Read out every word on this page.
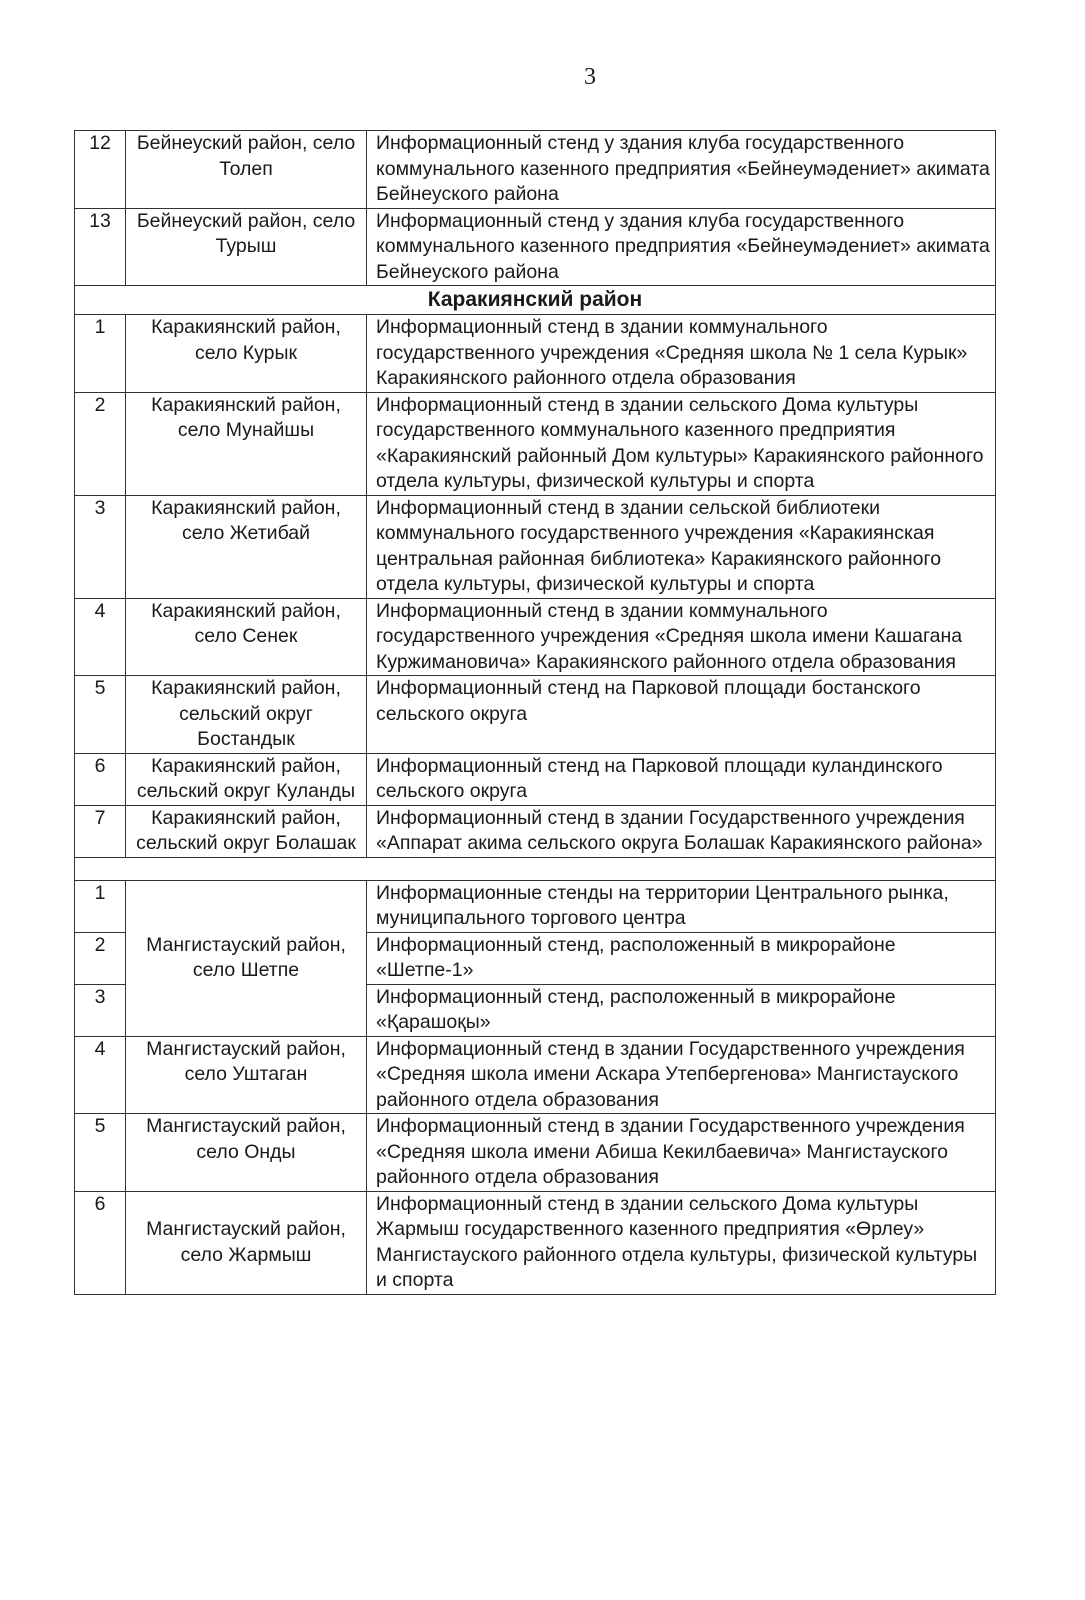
3
12	Бейнеуский район, село Толеп	Информационный стенд у здания клуба государственного коммунального казенного предприятия «Бейнеумәдениет» акимата Бейнеуского района
13	Бейнеуский район, село Турыш	Информационный стенд у здания клуба государственного коммунального казенного предприятия «Бейнеумәдениет» акимата Бейнеуского района
Каракиянский район		
1	Каракиянский район, село Курык	Информационный стенд в здании коммунального государственного учреждения «Средняя школа № 1 села Курык» Каракиянского районного отдела образования
2	Каракиянский район, село Мунайшы	Информационный стенд в здании сельского Дома культуры государственного коммунального казенного предприятия «Каракиянский районный Дом культуры» Каракиянского районного отдела культуры, физической культуры и спорта
3	Каракиянский район, село Жетибай	Информационный стенд в здании сельской библиотеки коммунального государственного учреждения «Каракиянская центральная районная библиотека» Каракиянского районного отдела культуры, физической культуры и спорта
4	Каракиянский район, село Сенек	Информационный стенд в здании коммунального государственного учреждения «Средняя школа имени Кашагана Куржимановича» Каракиянского районного отдела образования
5	Каракиянский район, сельский округ Бостандык	Информационный стенд на Парковой площади бостанского сельского округа
6	Каракиянский район, сельский округ Куланды	Информационный стенд на Парковой площади куландинского сельского округа
7	Каракиянский район, сельский округ Болашак	Информационный стенд в здании Государственного учреждения «Аппарат акима сельского округа Болашак Каракиянского района»

1	Мангистауский район, село Шетпе	Информационные стенды на территории Центрального рынка, муниципального торгового центра
2		Информационный стенд, расположенный в микрорайоне «Шетпе-1»
3		Информационный стенд, расположенный в микрорайоне «Қарашоқы»
4	Мангистауский район, село Уштаган	Информационный стенд в здании Государственного учреждения «Средняя школа имени Аскара Утепбергенова» Мангистауского районного отдела образования
5	Мангистауский район, село Онды	Информационный стенд в здании Государственного учреждения «Средняя школа имени Абиша Кекилбаевича» Мангистауского районного отдела образования
6	Мангистауский район, село Жармыш	Информационный стенд в здании сельского Дома культуры Жармыш государственного казенного предприятия «Өрлеу» Мангистауского районного отдела культуры, физической культуры и спорта
